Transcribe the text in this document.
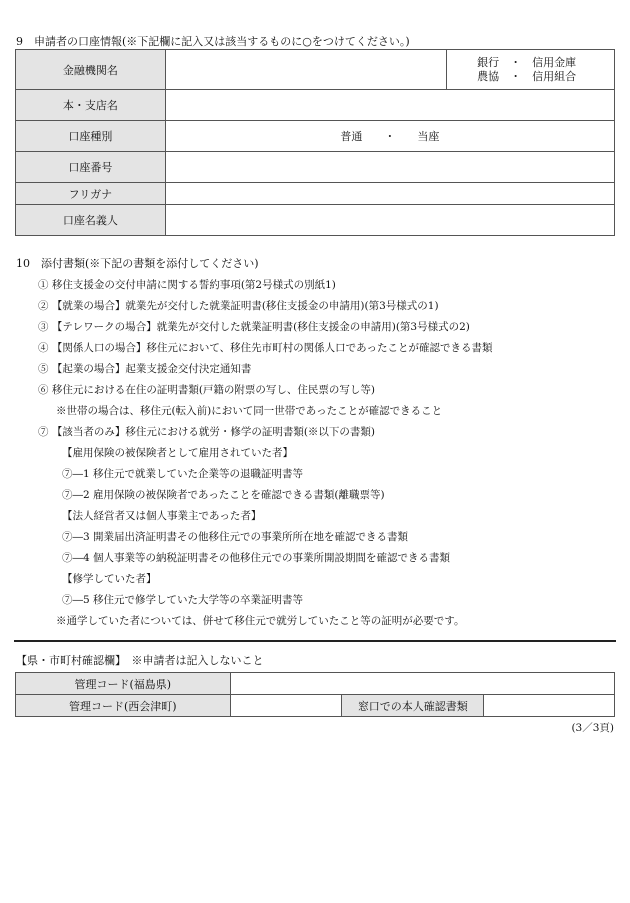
9　申請者の口座情報(※下記欄に記入又は該当するものに○をつけてください。)
金融機関名		銀行　・　信用金庫
農協　・　信用組合

本・支店名		
口座種別	普通　　・　　当座	
口座番号		
フリガナ		
口座名義人		
10　添付書類(※下記の書類を添付してください)
① 移住支援金の交付申請に関する誓約事項(第2号様式の別紙1)
② 【就業の場合】就業先が交付した就業証明書(移住支援金の申請用)(第3号様式の1)
③ 【テレワークの場合】就業先が交付した就業証明書(移住支援金の申請用)(第3号様式の2)
④ 【関係人口の場合】移住元において、移住先市町村の関係人口であったことが確認できる書類
⑤ 【起業の場合】起業支援金交付決定通知書
⑥ 移住元における在住の証明書類(戸籍の附票の写し、住民票の写し等)
※世帯の場合は、移住元(転入前)において同一世帯であったことが確認できること
⑦ 【該当者のみ】移住元における就労・修学の証明書類(※以下の書類)
【雇用保険の被保険者として雇用されていた者】
⑦―1 移住元で就業していた企業等の退職証明書等
⑦―2 雇用保険の被保険者であったことを確認できる書類(離職票等)
【法人経営者又は個人事業主であった者】
⑦―3 開業届出済証明書その他移住元での事業所所在地を確認できる書類
⑦―4 個人事業等の納税証明書その他移住元での事業所開設期間を確認できる書類
【修学していた者】
⑦―5 移住元で修学していた大学等の卒業証明書等
※通学していた者については、併せて移住元で就労していたこと等の証明が必要です。
【県・市町村確認欄】　※申請者は記入しないこと
管理コード(福島県)			
管理コード(西会津町)		窓口での本人確認書類	
(3／3頁)
